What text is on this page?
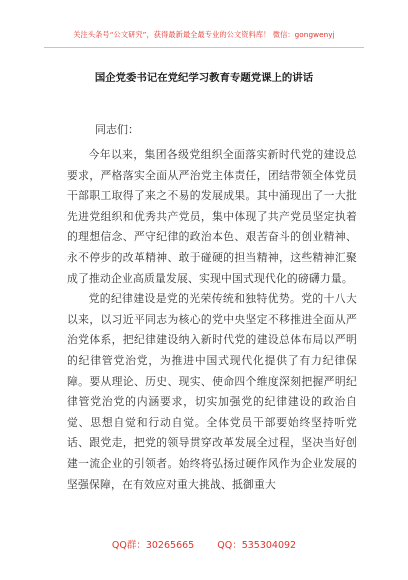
关注头条号“公文研究”，获得最新最全最专业的公文资料库！ 微信：gongwenyj
国企党委书记在党纪学习教育专题党课上的讲话
同志们：

今年以来，集团各级党组织全面落实新时代党的建设总要求，严格落实全面从严治党主体责任，团结带领全体党员干部职工取得了来之不易的发展成果。其中涌现出了一大批先进党组织和优秀共产党员，集中体现了共产党员坚定执着的理想信念、严守纪律的政治本色、艰苦奋斗的创业精神、永不停步的改革精神、敢于碰硬的担当精神，这些精神汇聚成了推动企业高质量发展、实现中国式现代化的磅礴力量。

党的纪律建设是党的光荣传统和独特优势。党的十八大以来，以习近平同志为核心的党中央坚定不移推进全面从严治党体系，把纪律建设纳入新时代党的建设总体布局以严明的纪律管党治党，为推进中国式现代化提供了有力纪律保障。要从理论、历史、现实、使命四个维度深刻把握严明纪律管党治党的内涵要求，切实加强党的纪律建设的政治自觉、思想自觉和行动自觉。全体党员干部要始终坚持听党话、跟党走，把党的领导贯穿改革发展全过程，坚决当好创建一流企业的引领者。始终将弘扬过硬作风作为企业发展的坚强保障，在有效应对重大挑战、抵御重大

QQ群：30265665 QQ：535304092
